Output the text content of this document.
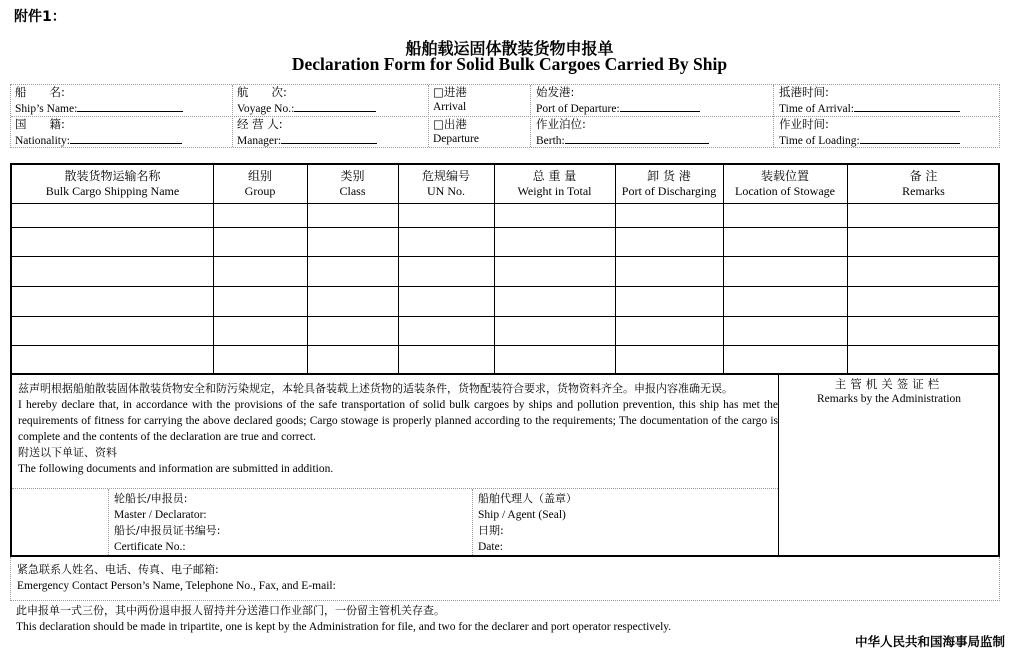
附件1：
船舶载运固体散装货物申报单
Declaration Form for Solid Bulk Cargoes Carried By Ship
船　　名:
Ship’s Name:
航　　次:
Voyage No.:
□进港
Arrival
始发港:
Port of Departure:
抵港时间:
Time of Arrival:
国　　籍:
Nationality:
经 营 人:
Manager:
□出港
Departure
作业泊位:
Berth:
作业时间:
Time of Loading:
散装货物运输名称
Bulk Cargo Shipping Name
组别
Group
类别
Class
危规编号
UN No.
总 重 量
Weight in Total
卸 货 港
Port of Discharging
装载位置
Location of Stowage
备 注
Remarks
兹声明根据船舶散装固体散装货物安全和防污染规定，本轮具备装载上述货物的适装条件，货物配装符合要求，货物资料齐全。申报内容准确无误。
I hereby declare that, in accordance with the provisions of the safe transportation of solid bulk cargoes by ships and pollution prevention, this ship has met the requirements of fitness for carrying the above declared goods; Cargo stowage is properly planned according to the requirements; The documentation of the cargo is complete and the contents of the declaration are true and correct.
附送以下单证、资料
The following documents and information are submitted in addition.
轮船长/申报员:
Master / Declarator:
船长/申报员证书编号:
Certificate No.:
船舶代理人（盖章）
Ship / Agent (Seal)
日期:
Date:
主管机关签证栏
Remarks by the Administration
紧急联系人姓名、电话、传真、电子邮箱:
Emergency Contact Person’s Name, Telephone No., Fax, and E-mail:
此申报单一式三份，其中两份退申报人留持并分送港口作业部门，一份留主管机关存查。
This declaration should be made in tripartite, one is kept by the Administration for file, and two for the declarer and port operator respectively.
中华人民共和国海事局监制
